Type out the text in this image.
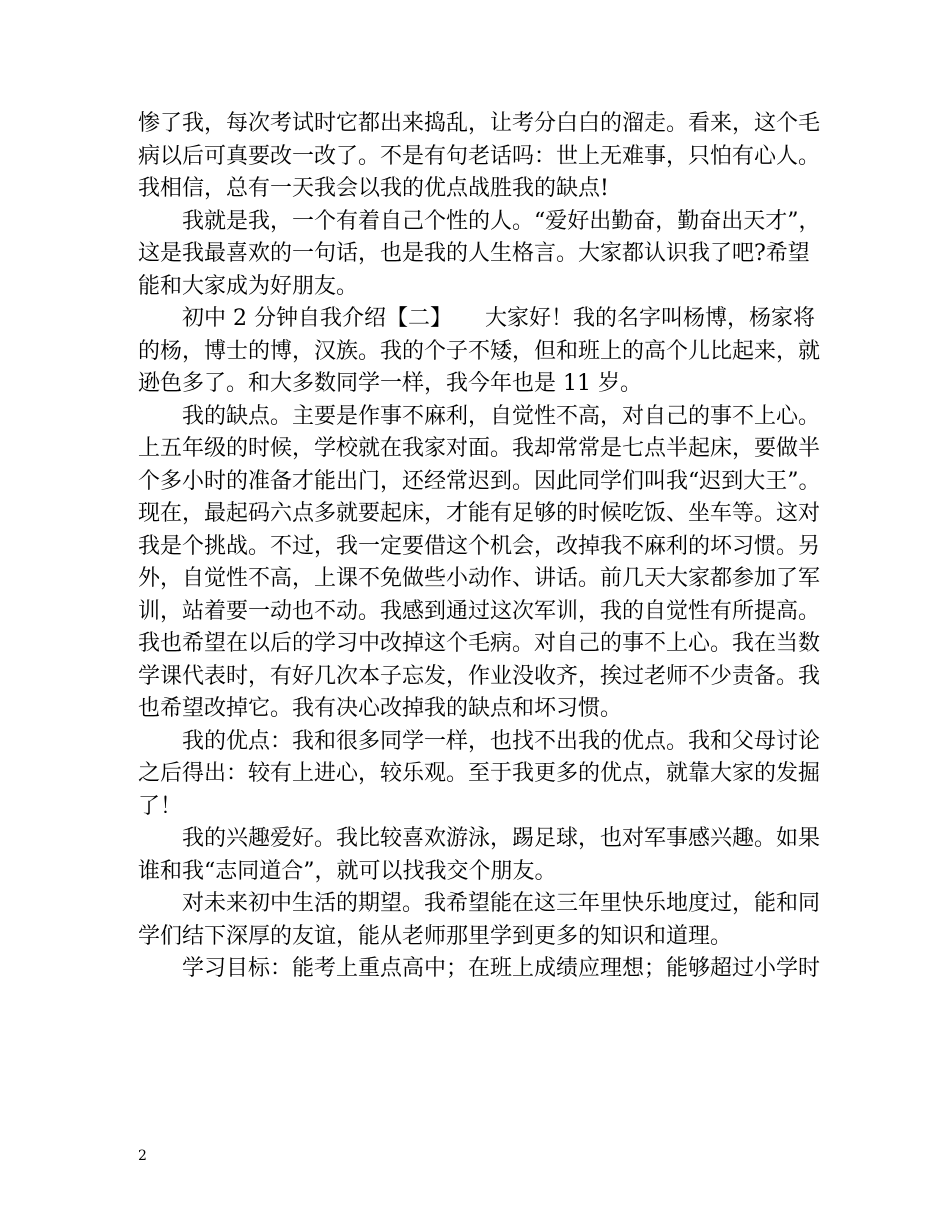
惨了我，每次考试时它都出来捣乱，让考分白白的溜走。看来，这个毛
病以后可真要改一改了。不是有句老话吗：世上无难事，只怕有心人。
我相信，总有一天我会以我的优点战胜我的缺点!
我就是我，一个有着自己个性的人。“爱好出勤奋，勤奋出天才”，
这是我最喜欢的一句话，也是我的人生格言。大家都认识我了吧?希望
能和大家成为好朋友。
初中 2 分钟自我介绍【二】　　大家好！我的名字叫杨博，杨家将
的杨，博士的博，汉族。我的个子不矮，但和班上的高个儿比起来，就
逊色多了。和大多数同学一样，我今年也是 11 岁。
我的缺点。主要是作事不麻利，自觉性不高，对自己的事不上心。
上五年级的时候，学校就在我家对面。我却常常是七点半起床，要做半
个多小时的准备才能出门，还经常迟到。因此同学们叫我“迟到大王”。
现在，最起码六点多就要起床，才能有足够的时候吃饭、坐车等。这对
我是个挑战。不过，我一定要借这个机会，改掉我不麻利的坏习惯。另
外，自觉性不高，上课不免做些小动作、讲话。前几天大家都参加了军
训，站着要一动也不动。我感到通过这次军训，我的自觉性有所提高。
我也希望在以后的学习中改掉这个毛病。对自己的事不上心。我在当数
学课代表时，有好几次本子忘发，作业没收齐，挨过老师不少责备。我
也希望改掉它。我有决心改掉我的缺点和坏习惯。
我的优点：我和很多同学一样，也找不出我的优点。我和父母讨论
之后得出：较有上进心，较乐观。至于我更多的优点，就靠大家的发掘
了！
我的兴趣爱好。我比较喜欢游泳，踢足球，也对军事感兴趣。如果
谁和我“志同道合”，就可以找我交个朋友。
对未来初中生活的期望。我希望能在这三年里快乐地度过，能和同
学们结下深厚的友谊，能从老师那里学到更多的知识和道理。
学习目标：能考上重点高中；在班上成绩应理想；能够超过小学时
2
